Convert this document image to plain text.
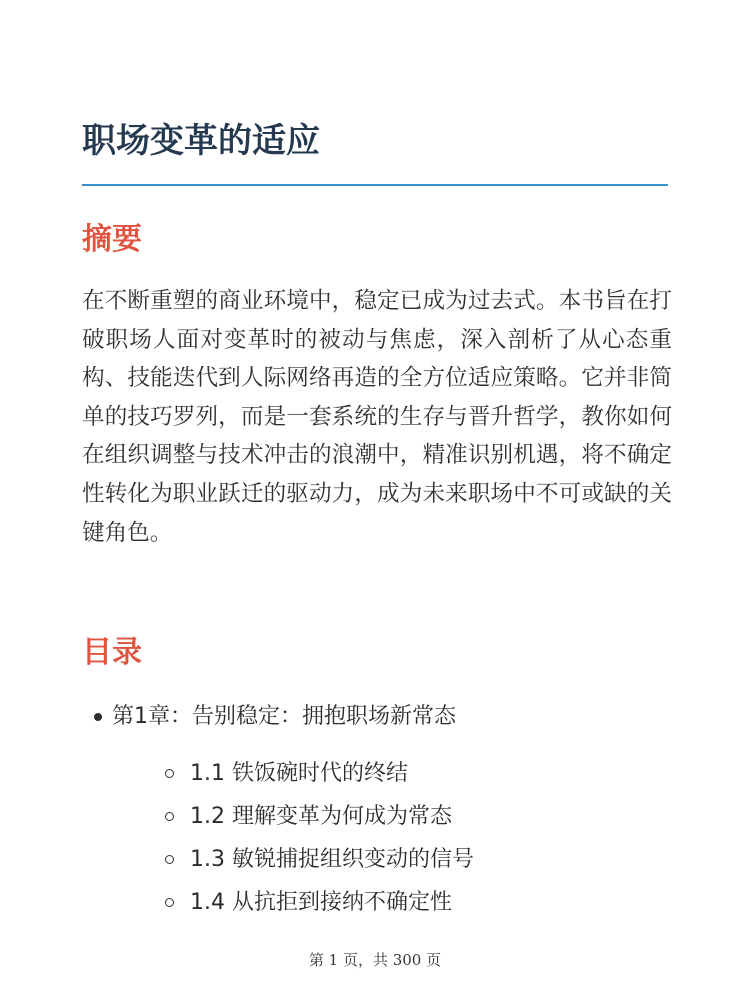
职场变革的适应
摘要

在不断重塑的商业环境中，稳定已成为过去式。本书旨在打破职场人面对变革时的被动与焦虑，深入剖析了从心态重构、技能迭代到人际网络再造的全方位适应策略。它并非简单的技巧罗列，而是一套系统的生存与晋升哲学，教你如何在组织调整与技术冲击的浪潮中，精准识别机遇，将不确定性转化为职业跃迁的驱动力，成为未来职场中不可或缺的关键角色。

目录
第1章：告别稳定：拥抱职场新常态
1.1 铁饭碗时代的终结
1.2 理解变革为何成为常态
1.3 敏锐捕捉组织变动的信号
1.4 从抗拒到接纳不确定性
第 1 页，共 300 页
